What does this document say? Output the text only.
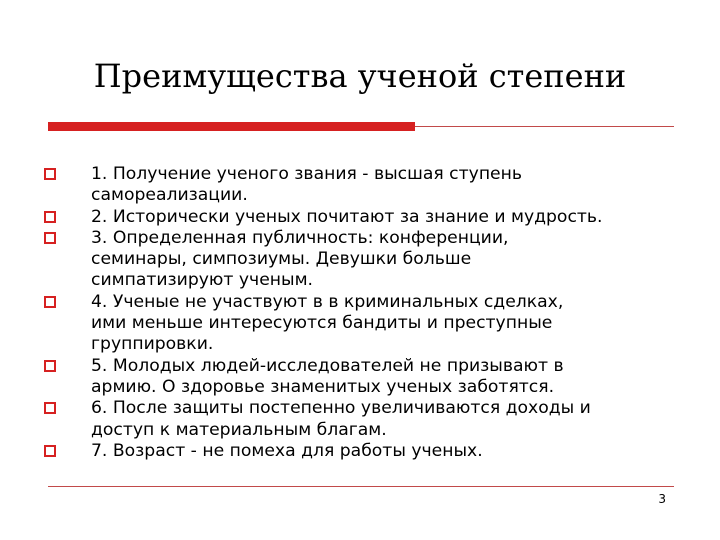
Преимущества ученой степени
1. Получение ученого звания - высшая ступень
самореализации.
2. Исторически ученых почитают за знание и мудрость.
3. Определенная публичность: конференции,
семинары, симпозиумы. Девушки больше
симпатизируют ученым.
4. Ученые не участвуют в в криминальных сделках,
ими меньше интересуются бандиты и преступные
группировки.
5. Молодых людей-исследователей не призывают в
армию. О здоровье знаменитых ученых заботятся.
6. После защиты постепенно увеличиваются доходы и
доступ к материальным благам.
7. Возраст - не помеха для работы ученых.
3
